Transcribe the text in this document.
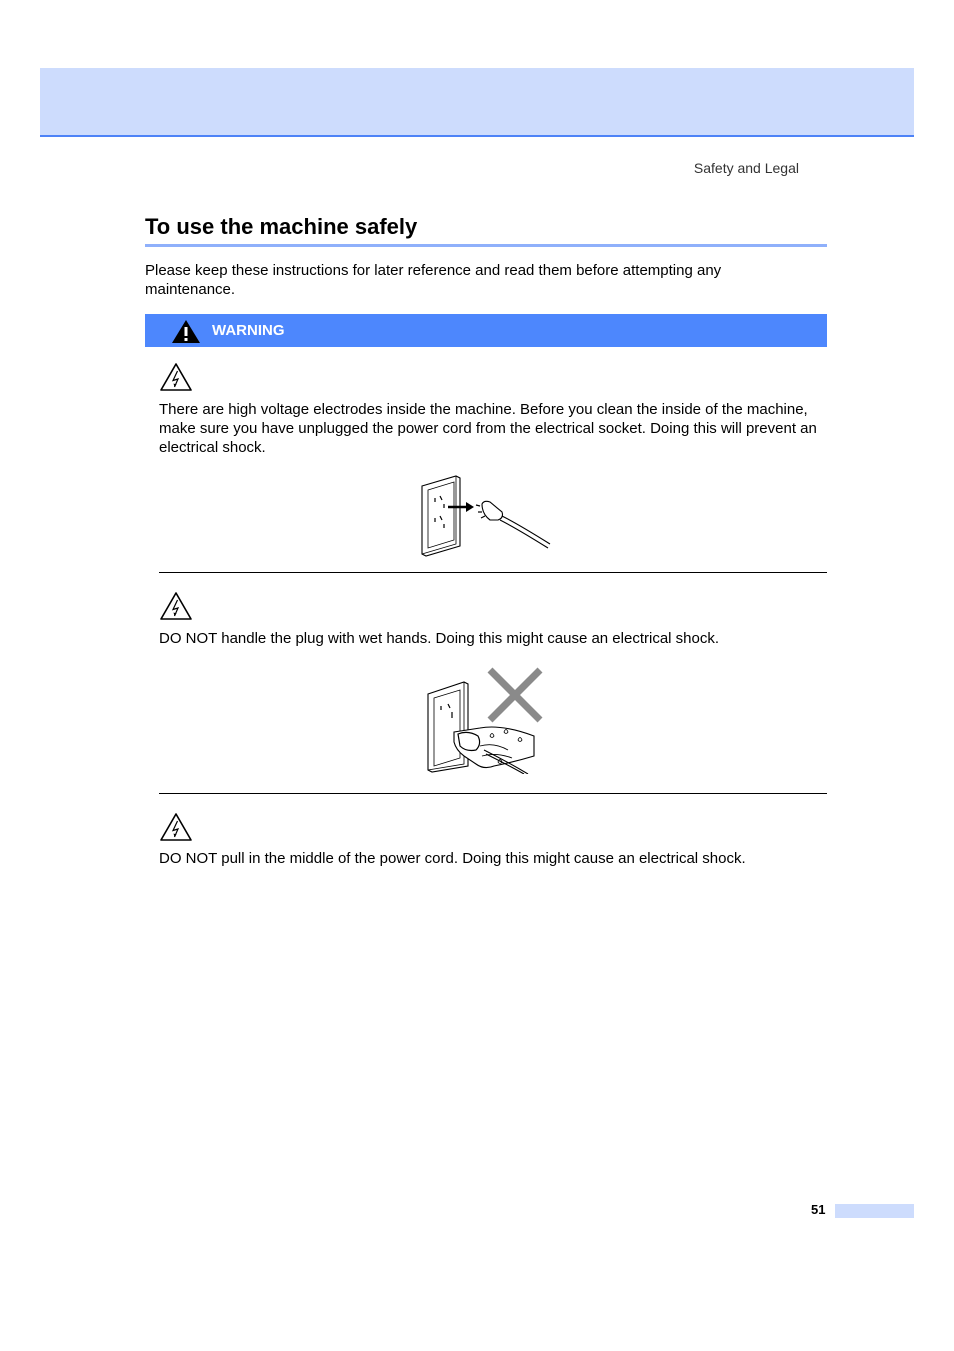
Safety and Legal
To use the machine safely

Please keep these instructions for later reference and read them before attempting any maintenance.

WARNING

There are high voltage electrodes inside the machine. Before you clean the inside of the machine, make sure you have unplugged the power cord from the electrical socket. Doing this will prevent an electrical shock.

DO NOT handle the plug with wet hands. Doing this might cause an electrical shock.

DO NOT pull in the middle of the power cord. Doing this might cause an electrical shock.

51
